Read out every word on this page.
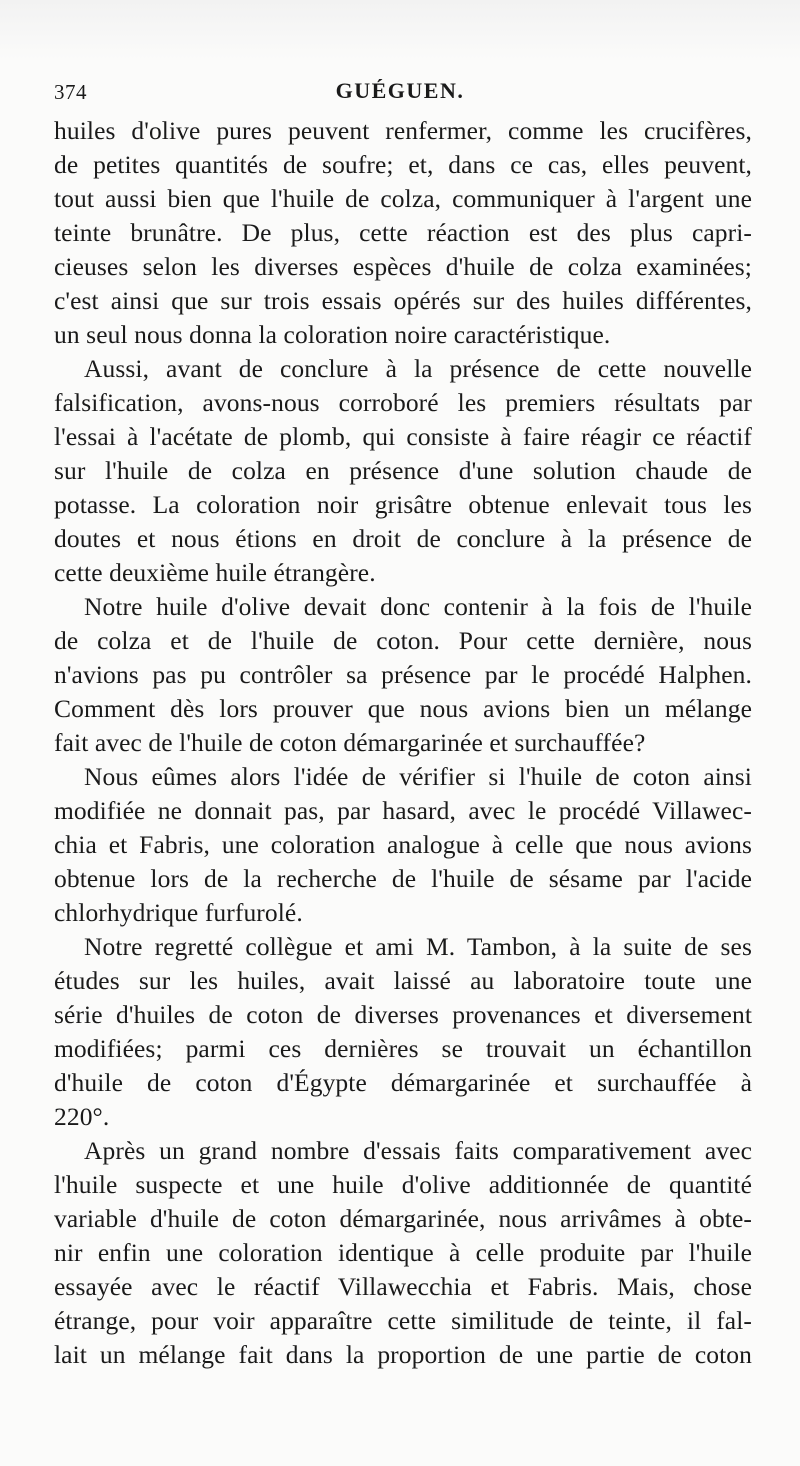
374	GUÉGUEN.
huiles d'olive pures peuvent renfermer, comme les crucifères,
de petites quantités de soufre; et, dans ce cas, elles peuvent,
tout aussi bien que l'huile de colza, communiquer à l'argent une
teinte brunâtre. De plus, cette réaction est des plus capri-
cieuses selon les diverses espèces d'huile de colza examinées;
c'est ainsi que sur trois essais opérés sur des huiles différentes,
un seul nous donna la coloration noire caractéristique.
Aussi, avant de conclure à la présence de cette nouvelle
falsification, avons-nous corroboré les premiers résultats par
l'essai à l'acétate de plomb, qui consiste à faire réagir ce réactif
sur l'huile de colza en présence d'une solution chaude de
potasse. La coloration noir grisâtre obtenue enlevait tous les
doutes et nous étions en droit de conclure à la présence de
cette deuxième huile étrangère.
Notre huile d'olive devait donc contenir à la fois de l'huile
de colza et de l'huile de coton. Pour cette dernière, nous
n'avions pas pu contrôler sa présence par le procédé Halphen.
Comment dès lors prouver que nous avions bien un mélange
fait avec de l'huile de coton démargarinée et surchauffée?
Nous eûmes alors l'idée de vérifier si l'huile de coton ainsi
modifiée ne donnait pas, par hasard, avec le procédé Villawec-
chia et Fabris, une coloration analogue à celle que nous avions
obtenue lors de la recherche de l'huile de sésame par l'acide
chlorhydrique furfurolé.
Notre regretté collègue et ami M. Tambon, à la suite de ses
études sur les huiles, avait laissé au laboratoire toute une
série d'huiles de coton de diverses provenances et diversement
modifiées; parmi ces dernières se trouvait un échantillon
d'huile de coton d'Égypte démargarinée et surchauffée à
220°.
Après un grand nombre d'essais faits comparativement avec
l'huile suspecte et une huile d'olive additionnée de quantité
variable d'huile de coton démargarinée, nous arrivâmes à obte-
nir enfin une coloration identique à celle produite par l'huile
essayée avec le réactif Villawecchia et Fabris. Mais, chose
étrange, pour voir apparaître cette similitude de teinte, il fal-
lait un mélange fait dans la proportion de une partie de coton
